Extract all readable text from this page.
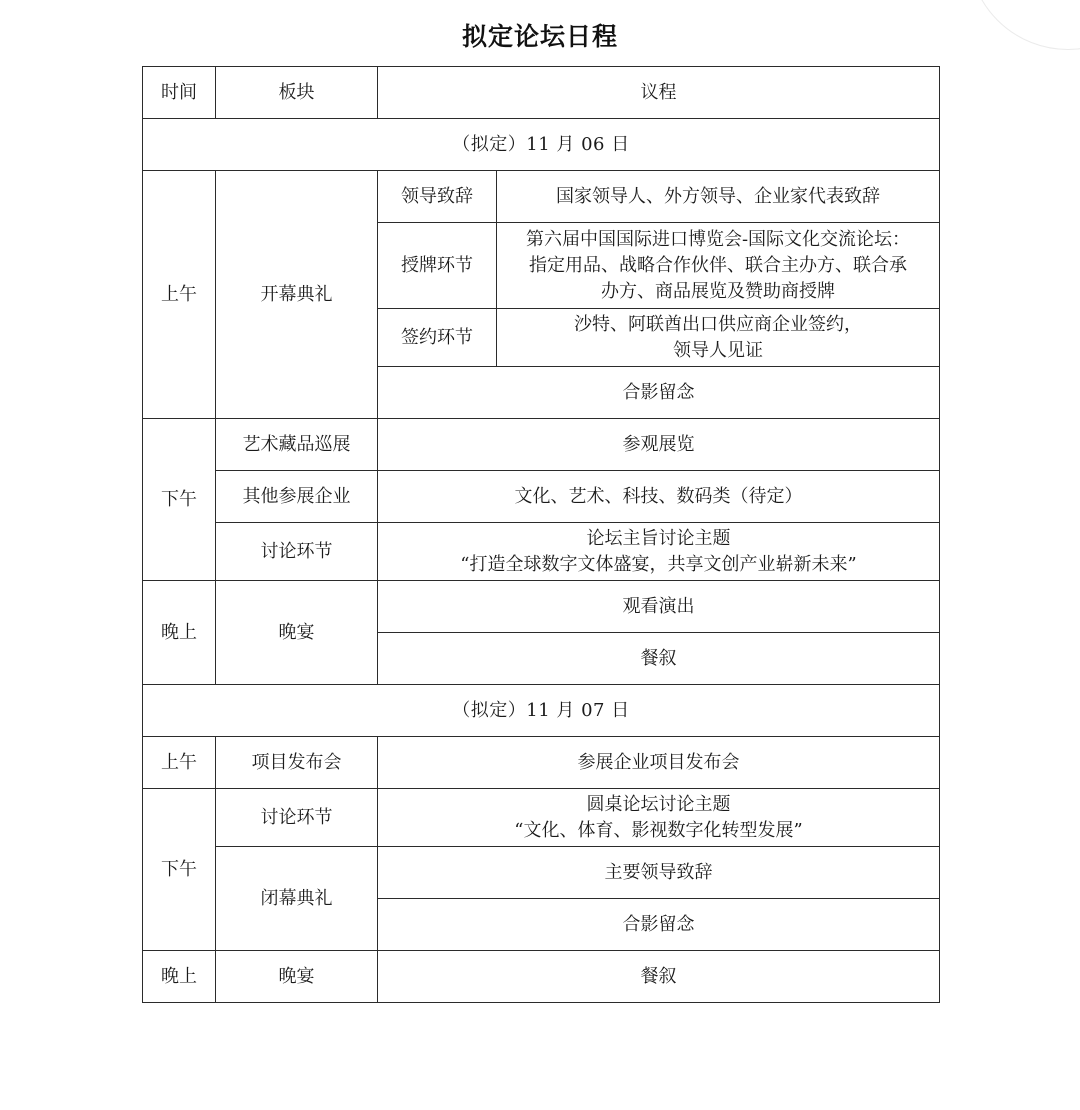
拟定论坛日程
时间	板块	议程	
（拟定）11 月 06 日			
上午	开幕典礼	领导致辞	国家领导人、外方领导、企业家代表致辞
		授牌环节	第六届中国国际进口博览会-国际文化交流论坛：
指定用品、战略合作伙伴、联合主办方、联合承
办方、商品展览及赞助商授牌

		签约环节	沙特、阿联酋出口供应商企业签约，
领导人见证

		合影留念	
下午	艺术藏品巡展	参观展览	
	其他参展企业	文化、艺术、科技、数码类（待定）	
	讨论环节	论坛主旨讨论主题
“打造全球数字文体盛宴，共享文创产业崭新未来”	

晚上	晚宴	观看演出	
		餐叙	
（拟定）11 月 07 日			
上午	项目发布会	参展企业项目发布会	
下午	讨论环节	圆桌论坛讨论主题
“文化、体育、影视数字化转型发展”	

	闭幕典礼	主要领导致辞	
		合影留念	
晚上	晚宴	餐叙	
